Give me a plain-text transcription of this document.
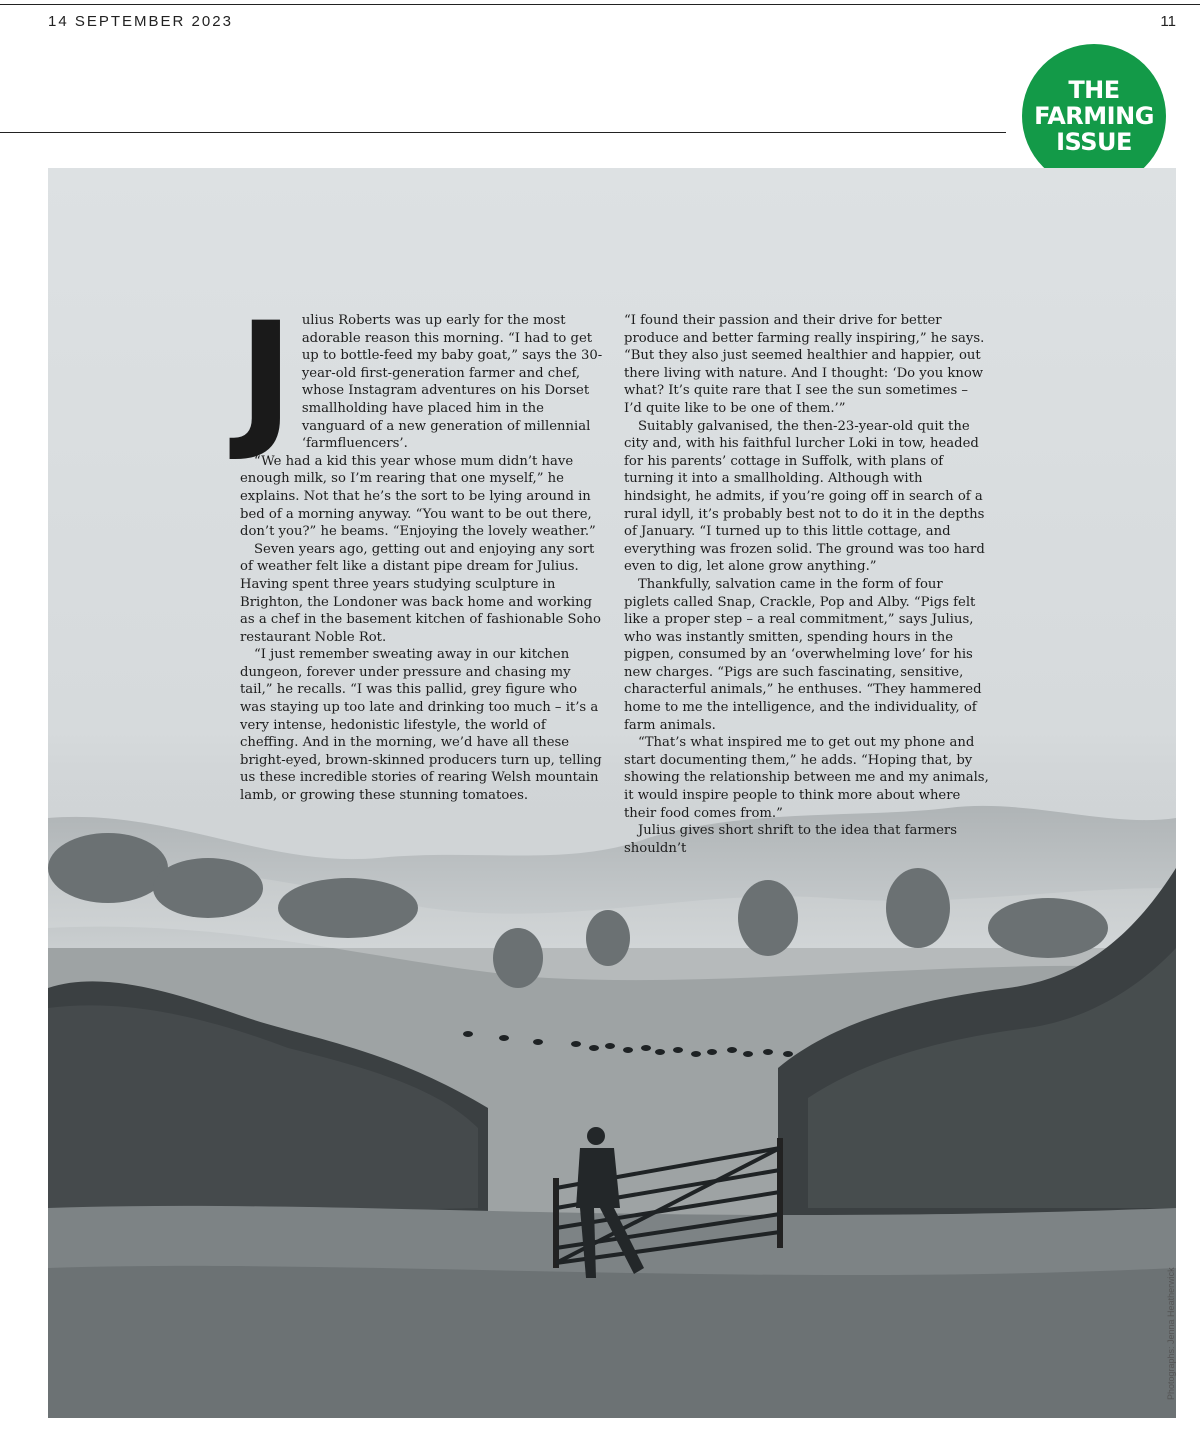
14 SEPTEMBER 2023	11
THE
FARMING
ISSUE
J ulius Roberts was up early for the most adorable reason this morning. “I had to get up to bottle-feed my baby goat,” says the 30-year-old first-generation farmer and chef, whose Instagram adventures on his Dorset smallholding have placed him in the vanguard of a new generation of millennial ‘farmfluencers’.

“We had a kid this year whose mum didn’t have enough milk, so I’m rearing that one myself,” he explains. Not that he’s the sort to be lying around in bed of a morning anyway. “You want to be out there, don’t you?” he beams. “Enjoying the lovely weather.”

Seven years ago, getting out and enjoying any sort of weather felt like a distant pipe dream for Julius. Having spent three years studying sculpture in Brighton, the Londoner was back home and working as a chef in the basement kitchen of fashionable Soho restaurant Noble Rot.

“I just remember sweating away in our kitchen dungeon, forever under pressure and chasing my tail,” he recalls. “I was this pallid, grey figure who was staying up too late and drinking too much – it’s a very intense, hedonistic lifestyle, the world of cheffing. And in the morning, we’d have all these bright-eyed, brown-skinned producers turn up, telling us these incredible stories of rearing Welsh mountain lamb, or growing these stunning tomatoes.

“I found their passion and their drive for better produce and better farming really inspiring,” he says. “But they also just seemed healthier and happier, out there living with nature. And I thought: ‘Do you know what? It’s quite rare that I see the sun sometimes – I’d quite like to be one of them.’”

Suitably galvanised, the then-23-year-old quit the city and, with his faithful lurcher Loki in tow, headed for his parents’ cottage in Suffolk, with plans of turning it into a smallholding. Although with hindsight, he admits, if you’re going off in search of a rural idyll, it’s probably best not to do it in the depths of January. “I turned up to this little cottage, and everything was frozen solid. The ground was too hard even to dig, let alone grow anything.”

Thankfully, salvation came in the form of four piglets called Snap, Crackle, Pop and Alby. “Pigs felt like a proper step – a real commitment,” says Julius, who was instantly smitten, spending hours in the pigpen, consumed by an ‘overwhelming love’ for his new charges. “Pigs are such fascinating, sensitive, characterful animals,” he enthuses. “They hammered home to me the intelligence, and the individuality, of farm animals.

“That’s what inspired me to get out my phone and start documenting them,” he adds. “Hoping that, by showing the relationship between me and my animals, it would inspire people to think more about where their food comes from.”

Julius gives short shrift to the idea that farmers shouldn’t

Photographs: Jenna Heatherwick
